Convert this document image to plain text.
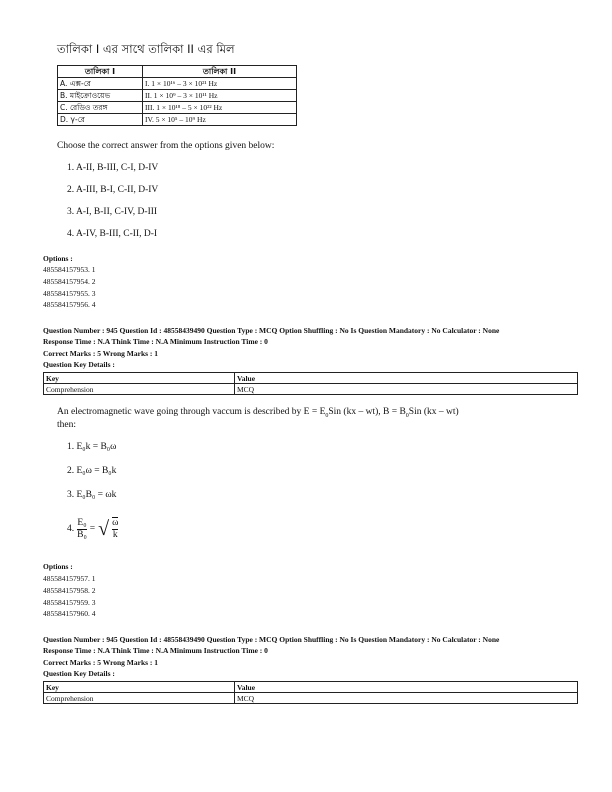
তালিকা I এর সাথে তালিকা II এর মিল
তালিকা I	তালিকা II
A. এক্স-রে	I. 1 × 10¹⁶ – 3 × 10²¹ Hz
B. মাইক্রোওয়েভ	II. 1 × 10⁹ – 3 × 10¹¹ Hz
C. রেডিও তরঙ্গ	III. 1 × 10¹⁸ – 5 × 10²² Hz
D. γ-রে	IV. 5 × 10⁵ – 10⁹ Hz
Choose the correct answer from the options given below:
1. A-II, B-III, C-I, D-IV
2. A-III, B-I, C-II, D-IV
3. A-I, B-II, C-IV, D-III
4. A-IV, B-III, C-II, D-I
Options :
485584157953. 1
485584157954. 2
485584157955. 3
485584157956. 4
Question Number : 945 Question Id : 48558439490 Question Type : MCQ Option Shuffling : No Is Question Mandatory : No Calculator : None
Response Time : N.A Think Time : N.A Minimum Instruction Time : 0
Correct Marks : 5 Wrong Marks : 1
Question Key Details :
Key	Value
Comprehension	MCQ
An electromagnetic wave going through vaccum is described by $E = E_0Sin$ (kx – wt), $B = B_0Sin$ (kx – wt)
then:
1. E₀k = B₀ω
2. E₀ω = B₀k
3. E₀B₀ = ωk
4. $\frac{\text{E₀}}{\text{B₀}}$ = √ $\frac{\omega}{k}$
Options :
485584157957. 1
485584157958. 2
485584157959. 3
485584157960. 4
Question Number : 945 Question Id : 48558439490 Question Type : MCQ Option Shuffling : No Is Question Mandatory : No Calculator : None
Response Time : N.A Think Time : N.A Minimum Instruction Time : 0
Correct Marks : 5 Wrong Marks : 1
Question Key Details :
Key	Value
Comprehension	MCQ
